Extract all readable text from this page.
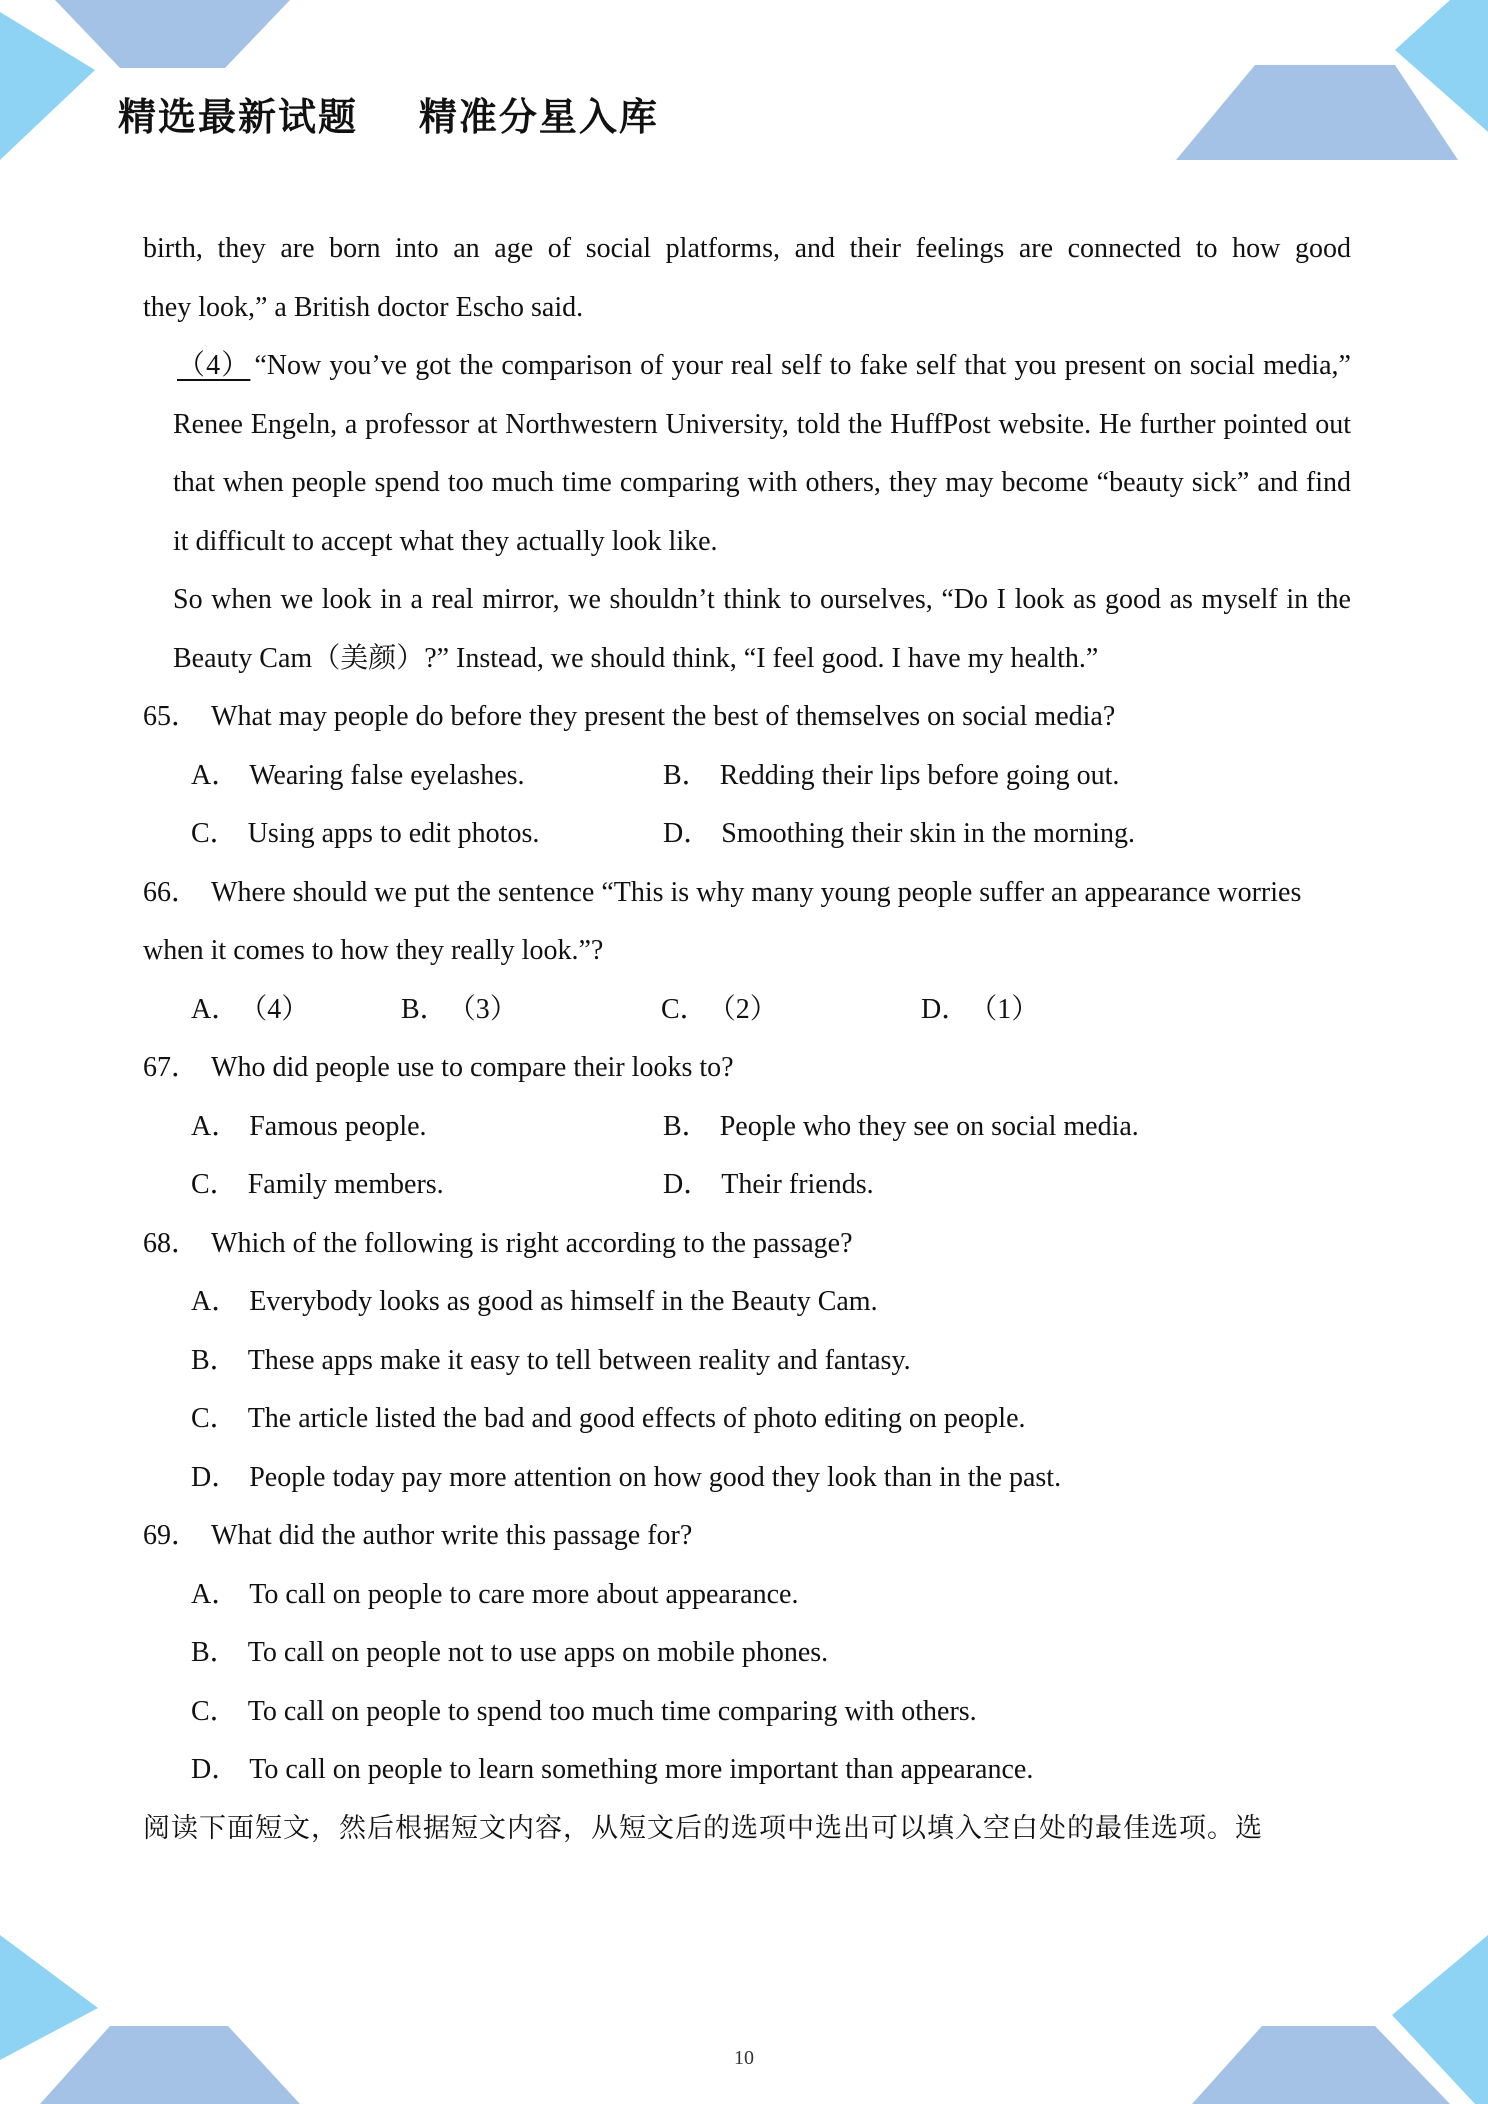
精选最新试题    精准分星入库

birth, they are born into an age of social platforms, and their feelings are connected to how good

they look,” a British doctor Escho said.

（4） “Now you’ve got the comparison of your real self to fake self that you present on social media,” Renee Engeln, a professor at Northwestern University, told the HuffPost website. He further pointed out that when people spend too much time comparing with others, they may become “beauty sick” and find it difficult to accept what they actually look like.

So when we look in a real mirror, we shouldn’t think to ourselves, “Do I look as good as myself in the Beauty Cam（美颜）?” Instead, we should think, “I feel good. I have my health.”

65． What may people do before they present the best of themselves on social media?

A． Wearing false eyelashes.	B． Redding their lips before going out.
C． Using apps to edit photos.	D． Smoothing their skin in the morning.

66． Where should we put the sentence “This is why many young people suffer an appearance worries when it comes to how they really look.”?

A． （4）	B． （3）	C． （2）	D． （1）

67． Who did people use to compare their looks to?

A． Famous people.	B． People who they see on social media.
C． Family members.	D． Their friends.

68． Which of the following is right according to the passage?

A． Everybody looks as good as himself in the Beauty Cam.
B． These apps make it easy to tell between reality and fantasy.
C． The article listed the bad and good effects of photo editing on people.
D． People today pay more attention on how good they look than in the past.

69． What did the author write this passage for?

A． To call on people to care more about appearance.
B． To call on people not to use apps on mobile phones.
C． To call on people to spend too much time comparing with others.
D． To call on people to learn something more important than appearance.

阅读下面短文，然后根据短文内容，从短文后的选项中选出可以填入空白处的最佳选项。选

10
